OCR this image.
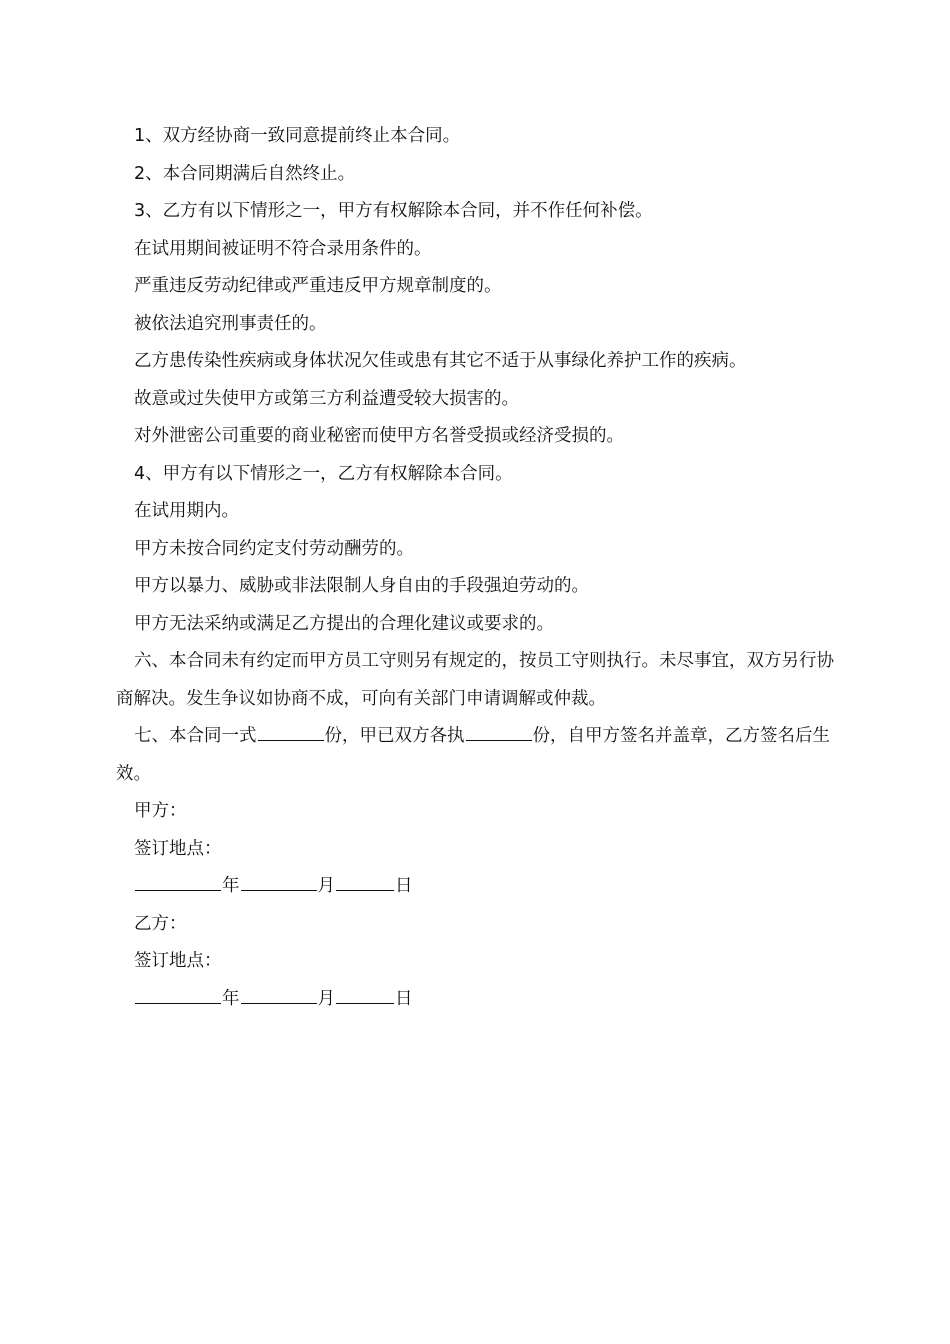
1、双方经协商一致同意提前终止本合同。

2、本合同期满后自然终止。

3、乙方有以下情形之一，甲方有权解除本合同，并不作任何补偿。

在试用期间被证明不符合录用条件的。

严重违反劳动纪律或严重违反甲方规章制度的。

被依法追究刑事责任的。

乙方患传染性疾病或身体状况欠佳或患有其它不适于从事绿化养护工作的疾病。

故意或过失使甲方或第三方利益遭受较大损害的。

对外泄密公司重要的商业秘密而使甲方名誉受损或经济受损的。

4、甲方有以下情形之一，乙方有权解除本合同。

在试用期内。

甲方未按合同约定支付劳动酬劳的。

甲方以暴力、威胁或非法限制人身自由的手段强迫劳动的。

甲方无法采纳或满足乙方提出的合理化建议或要求的。

六、本合同未有约定而甲方员工守则另有规定的，按员工守则执行。未尽事宜，双方另行协商解决。发生争议如协商不成，可向有关部门申请调解或仲裁。

七、本合同一式	份，甲已双方各执	份，自甲方签名并盖章，乙方签名后生效。

甲方：

签订地点：

年	月	日

乙方：

签订地点：

年	月	日
